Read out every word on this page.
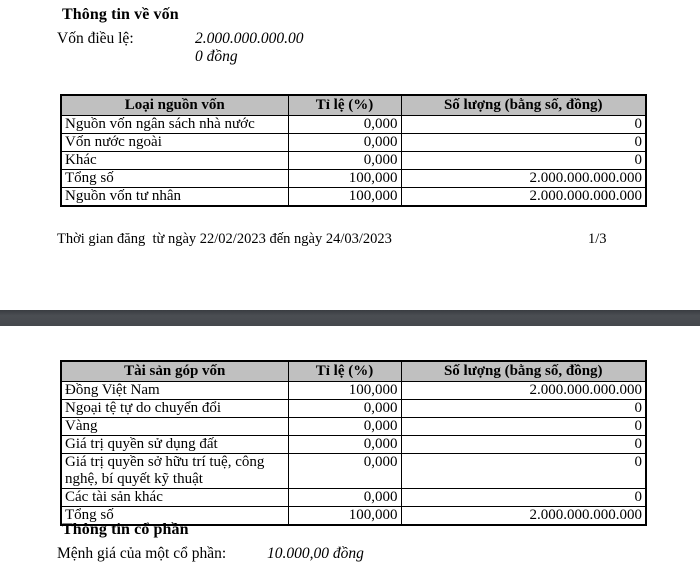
Thông tin về vốn
Vốn điều lệ:	2.000.000.000.00
0 đồng
Loại nguồn vốn	Tỉ lệ (%)	Số lượng (bằng số, đồng)
Nguồn vốn ngân sách nhà nước	0,000	0
Vốn nước ngoài	0,000	0
Khác	0,000	0
Tổng số	100,000	2.000.000.000.000
Nguồn vốn tư nhân	100,000	2.000.000.000.000
Thời gian đăng  từ ngày 22/02/2023 đến ngày 24/03/2023	1/3
Tài sản góp vốn	Tỉ lệ (%)	Số lượng (bằng số, đồng)
Đồng Việt Nam	100,000	2.000.000.000.000
Ngoại tệ tự do chuyển đổi	0,000	0
Vàng	0,000	0
Giá trị quyền sử dụng đất	0,000	0
Giá trị quyền sở hữu trí tuệ, công nghệ, bí quyết kỹ thuật	0,000	0
Các tài sản khác	0,000	0
Tổng số	100,000	2.000.000.000.000
Thông tin cổ phần
Mệnh giá của một cổ phần:	10.000,00 đồng
